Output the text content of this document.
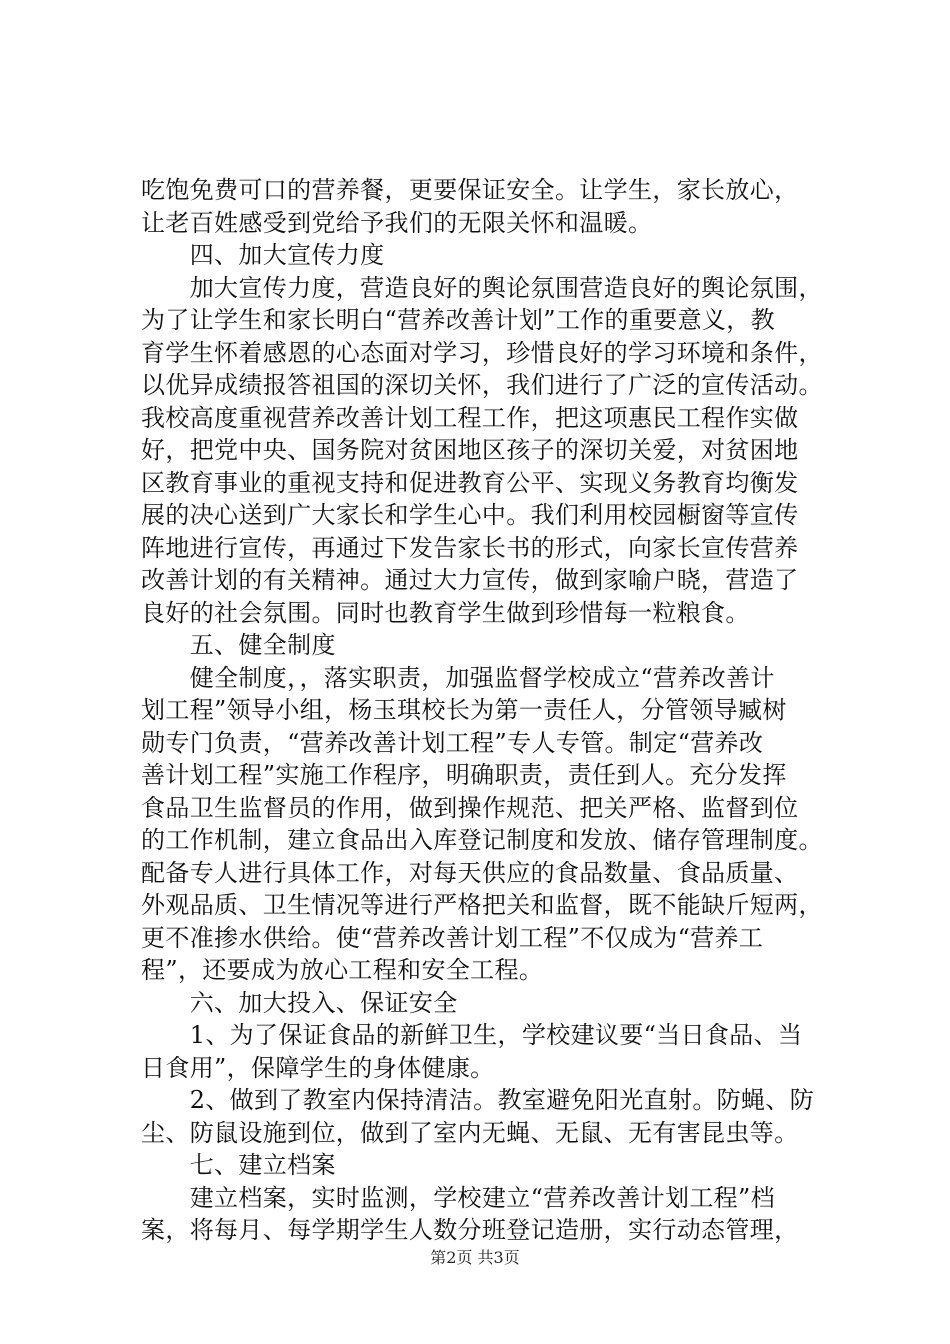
吃饱免费可口的营养餐，更要保证安全。让学生，家长放心，
让老百姓感受到党给予我们的无限关怀和温暖。
　　四、加大宣传力度
　　加大宣传力度，营造良好的舆论氛围营造良好的舆论氛围，
为了让学生和家长明白“营养改善计划”工作的重要意义，教
育学生怀着感恩的心态面对学习，珍惜良好的学习环境和条件，
以优异成绩报答祖国的深切关怀，我们进行了广泛的宣传活动。
我校高度重视营养改善计划工程工作，把这项惠民工程作实做
好，把党中央、国务院对贫困地区孩子的深切关爱，对贫困地
区教育事业的重视支持和促进教育公平、实现义务教育均衡发
展的决心送到广大家长和学生心中。我们利用校园橱窗等宣传
阵地进行宣传，再通过下发告家长书的形式，向家长宣传营养
改善计划的有关精神。通过大力宣传，做到家喻户晓，营造了
良好的社会氛围。同时也教育学生做到珍惜每一粒粮食。
　　五、健全制度
　　健全制度，，落实职责，加强监督学校成立“营养改善计
划工程”领导小组，杨玉琪校长为第一责任人，分管领导臧树
勋专门负责，“营养改善计划工程”专人专管。制定“营养改
善计划工程”实施工作程序，明确职责，责任到人。充分发挥
食品卫生监督员的作用，做到操作规范、把关严格、监督到位
的工作机制，建立食品出入库登记制度和发放、储存管理制度。
配备专人进行具体工作，对每天供应的食品数量、食品质量、
外观品质、卫生情况等进行严格把关和监督，既不能缺斤短两，
更不准掺水供给。使“营养改善计划工程”不仅成为“营养工
程”，还要成为放心工程和安全工程。
　　六、加大投入、保证安全
　　1、为了保证食品的新鲜卫生，学校建议要“当日食品、当
日食用”，保障学生的身体健康。
　　2、做到了教室内保持清洁。教室避免阳光直射。防蝇、防
尘、防鼠设施到位，做到了室内无蝇、无鼠、无有害昆虫等。
　　七、建立档案
　　建立档案，实时监测，学校建立“营养改善计划工程”档
案，将每月、每学期学生人数分班登记造册，实行动态管理，
第2页 共3页
